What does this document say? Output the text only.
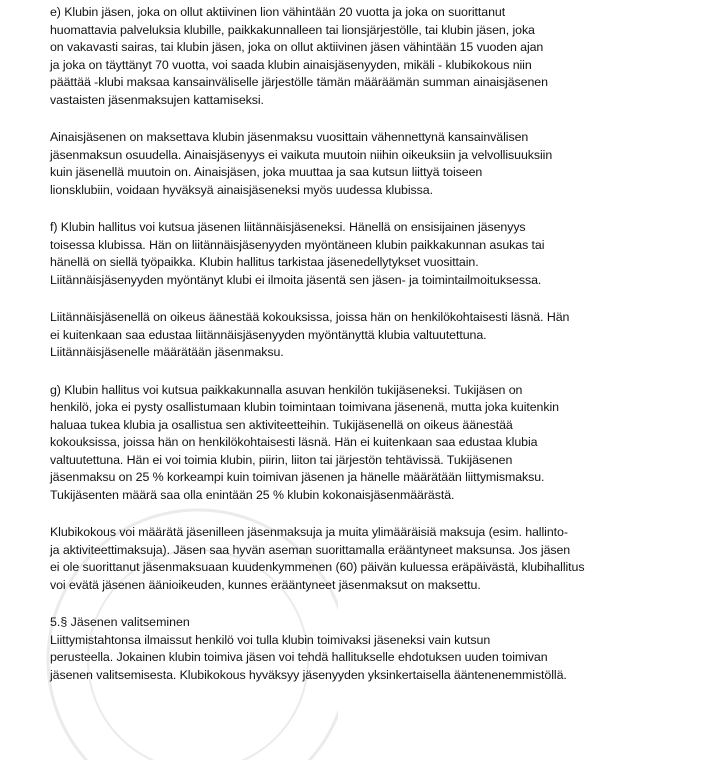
e) Klubin jäsen, joka on ollut aktiivinen lion vähintään 20 vuotta ja joka on suorittanut
huomattavia palveluksia klubille, paikkakunnalleen tai lionsjärjestölle, tai klubin jäsen, joka
on vakavasti sairas, tai klubin jäsen, joka on ollut aktiivinen jäsen vähintään 15 vuoden ajan
ja joka on täyttänyt 70 vuotta, voi saada klubin ainaisjäsenyyden, mikäli - klubikokous niin
päättää -klubi maksaa kansainväliselle järjestölle tämän määräämän summan ainaisjäsenen
vastaisten jäsenmaksujen kattamiseksi.
Ainaisjäsenen on maksettava klubin jäsenmaksu vuosittain vähennettynä kansainvälisen
jäsenmaksun osuudella. Ainaisjäsenyys ei vaikuta muutoin niihin oikeuksiin ja velvollisuuksiin
kuin jäsenellä muutoin on. Ainaisjäsen, joka muuttaa ja saa kutsun liittyä toiseen
lionsklubiin, voidaan hyväksyä ainaisjäseneksi myös uudessa klubissa.
f) Klubin hallitus voi kutsua jäsenen liitännäisjäseneksi. Hänellä on ensisijainen jäsenyys
toisessa klubissa. Hän on liitännäisjäsenyyden myöntäneen klubin paikkakunnan asukas tai
hänellä on siellä työpaikka. Klubin hallitus tarkistaa jäsenedellytykset vuosittain.
Liitännäisjäsenyyden myöntänyt klubi ei ilmoita jäsentä sen jäsen- ja toimintailmoituksessa.
Liitännäisjäsenellä on oikeus äänestää kokouksissa, joissa hän on henkilökohtaisesti läsnä. Hän
ei kuitenkaan saa edustaa liitännäisjäsenyyden myöntänyttä klubia valtuutettuna.
Liitännäisjäsenelle määrätään jäsenmaksu.
g) Klubin hallitus voi kutsua paikkakunnalla asuvan henkilön tukijäseneksi. Tukijäsen on
henkilö, joka ei pysty osallistumaan klubin toimintaan toimivana jäsenenä, mutta joka kuitenkin
haluaa tukea klubia ja osallistua sen aktiviteetteihin. Tukijäsenellä on oikeus äänestää
kokouksissa, joissa hän on henkilökohtaisesti läsnä. Hän ei kuitenkaan saa edustaa klubia
valtuutettuna. Hän ei voi toimia klubin, piirin, liiton tai järjestön tehtävissä. Tukijäsenen
jäsenmaksu on 25 % korkeampi kuin toimivan jäsenen ja hänelle määrätään liittymismaksu.
Tukijäsenten määrä saa olla enintään 25 % klubin kokonaisjäsenmäärästä.
Klubikokous voi määrätä jäsenilleen jäsenmaksuja ja muita ylimääräisiä maksuja (esim. hallinto-
ja aktiviteettimaksuja). Jäsen saa hyvän aseman suorittamalla erääntyneet maksunsa. Jos jäsen
ei ole suorittanut jäsenmaksuaan kuudenkymmenen (60) päivän kuluessa eräpäivästä, klubihallitus
voi evätä jäsenen äänioikeuden, kunnes erääntyneet jäsenmaksut on maksettu.
5.§ Jäsenen valitseminen
Liittymistahtonsa ilmaissut henkilö voi tulla klubin toimivaksi jäseneksi vain kutsun
perusteella. Jokainen klubin toimiva jäsen voi tehdä hallitukselle ehdotuksen uuden toimivan
jäsenen valitsemisesta. Klubikokous hyväksyy jäsenyyden yksinkertaisella ääntenenemmistöllä.
